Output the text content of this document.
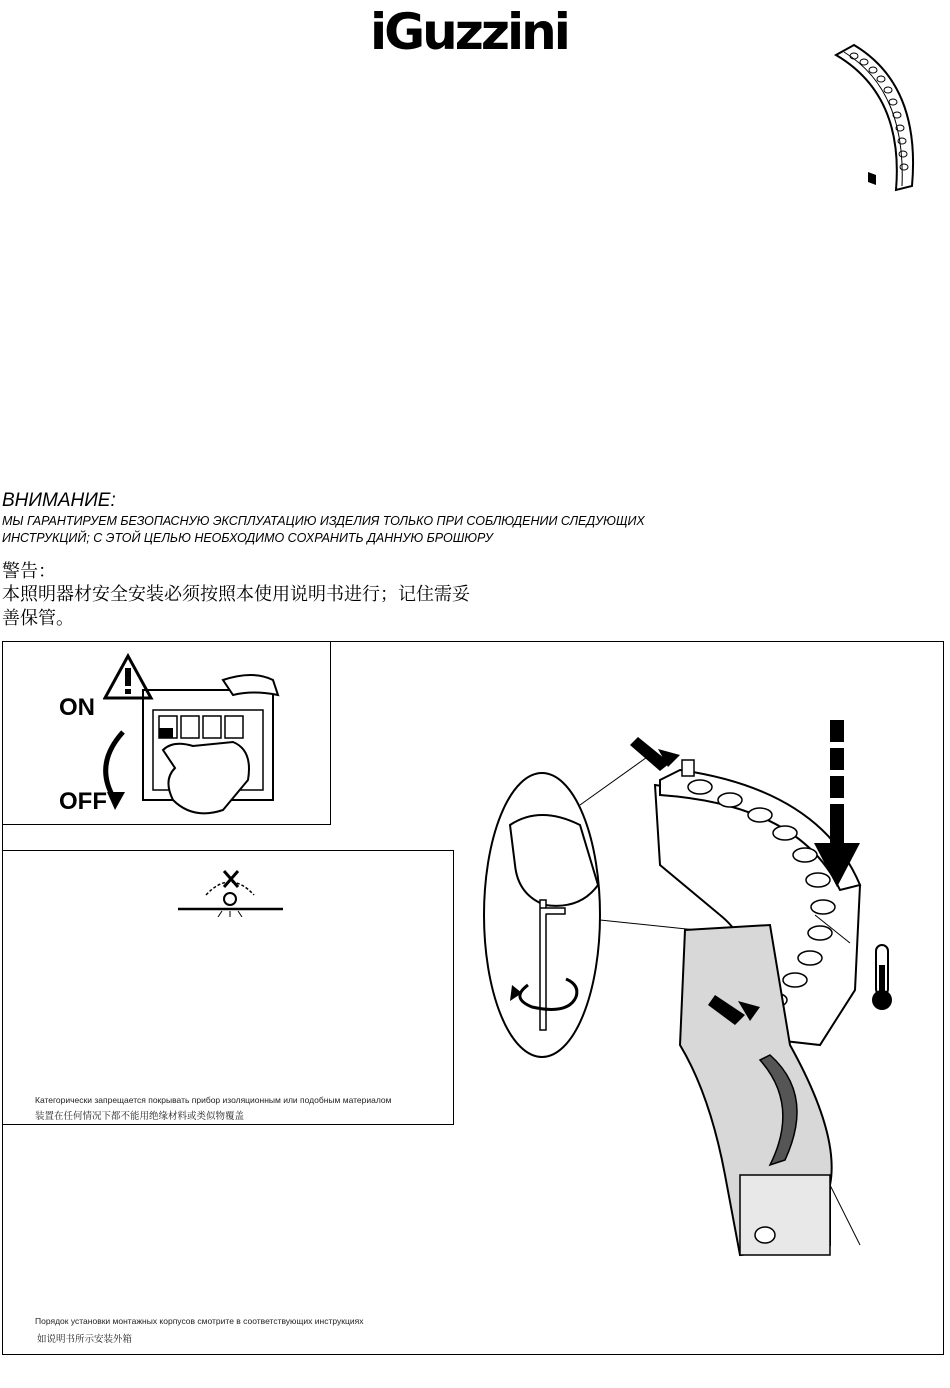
iGuzzini
ВНИМАНИЕ:
МЫ ГАРАНТИРУЕМ БЕЗОПАСНУЮ ЭКСПЛУАТАЦИЮ ИЗДЕЛИЯ ТОЛЬКО ПРИ СОБЛЮДЕНИИ СЛЕДУЮЩИХ ИНСТРУКЦИЙ; С ЭТОЙ ЦЕЛЬЮ НЕОБХОДИМО СОХРАНИТЬ ДАННУЮ БРОШЮРУ
警告：
本照明器材安全安装必须按照本使用说明书进行；记住需妥善保管。
ON
OFF
Категорически запрещается покрывать прибор изоляционным или подобным материалом
装置在任何情况下都不能用绝缘材料或类似物覆盖
Порядок установки монтажных корпусов смотрите в соответствующих инструкциях
如说明书所示安装外箱
